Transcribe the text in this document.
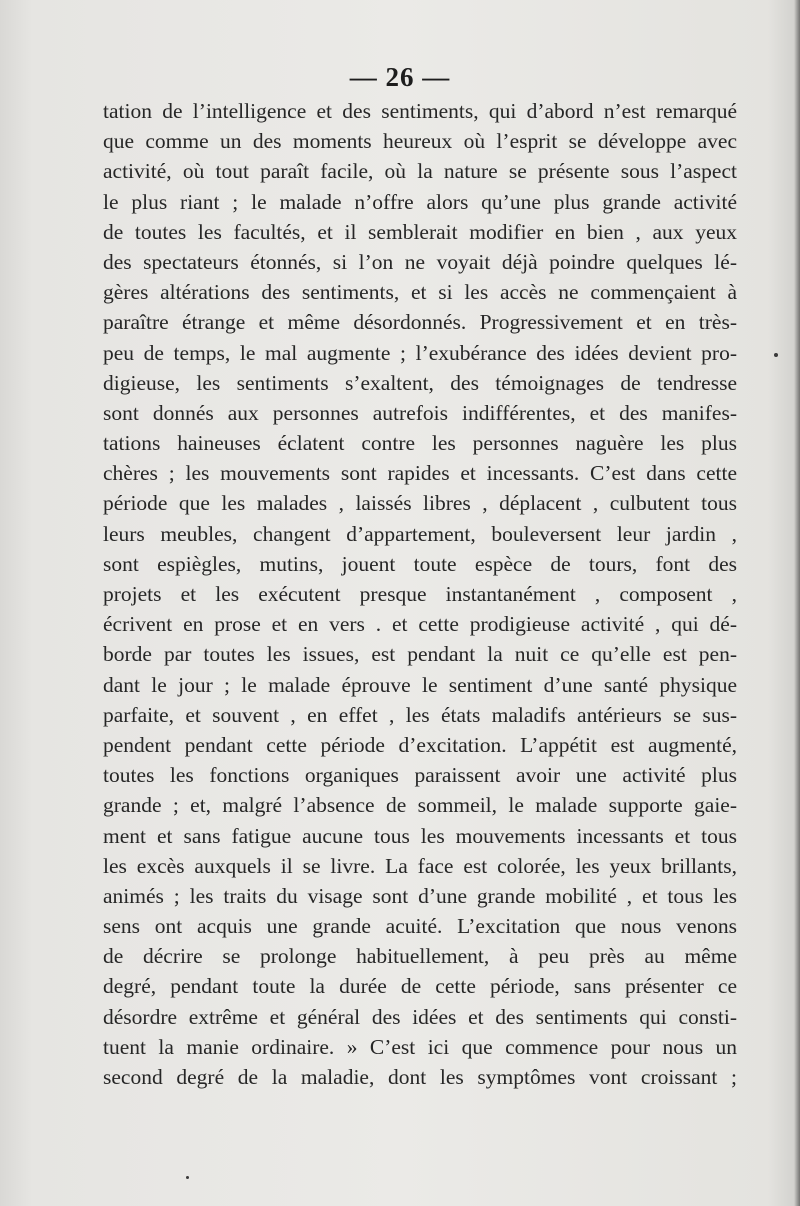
— 26 —
tation de l’intelligence et des sentiments, qui d’abord n’est remarqué
que comme un des moments heureux où l’esprit se développe avec
activité, où tout paraît facile, où la nature se présente sous l’aspect
le plus riant ; le malade n’offre alors qu’une plus grande activité
de toutes les facultés, et il semblerait modifier en bien , aux yeux
des spectateurs étonnés, si l’on ne voyait déjà poindre quelques lé-
gères altérations des sentiments, et si les accès ne commençaient à
paraître étrange et même désordonnés. Progressivement et en très-
peu de temps, le mal augmente ; l’exubérance des idées devient pro-
digieuse, les sentiments s’exaltent, des témoignages de tendresse
sont donnés aux personnes autrefois indifférentes, et des manifes-
tations haineuses éclatent contre les personnes naguère les plus
chères ; les mouvements sont rapides et incessants. C’est dans cette
période que les malades , laissés libres , déplacent , culbutent tous
leurs meubles, changent d’appartement, bouleversent leur jardin ,
sont espiègles, mutins, jouent toute espèce de tours, font des
projets et les exécutent presque instantanément , composent ,
écrivent en prose et en vers . et cette prodigieuse activité , qui dé-
borde par toutes les issues, est pendant la nuit ce qu’elle est pen-
dant le jour ; le malade éprouve le sentiment d’une santé physique
parfaite, et souvent , en effet , les états maladifs antérieurs se sus-
pendent pendant cette période d’excitation. L’appétit est augmenté,
toutes les fonctions organiques paraissent avoir une activité plus
grande ; et, malgré l’absence de sommeil, le malade supporte gaie-
ment et sans fatigue aucune tous les mouvements incessants et tous
les excès auxquels il se livre. La face est colorée, les yeux brillants,
animés ; les traits du visage sont d’une grande mobilité , et tous les
sens ont acquis une grande acuité. L’excitation que nous venons
de décrire se prolonge habituellement, à peu près au même
degré, pendant toute la durée de cette période, sans présenter ce
désordre extrême et général des idées et des sentiments qui consti-
tuent la manie ordinaire. » C’est ici que commence pour nous un
second degré de la maladie, dont les symptômes vont croissant ;
